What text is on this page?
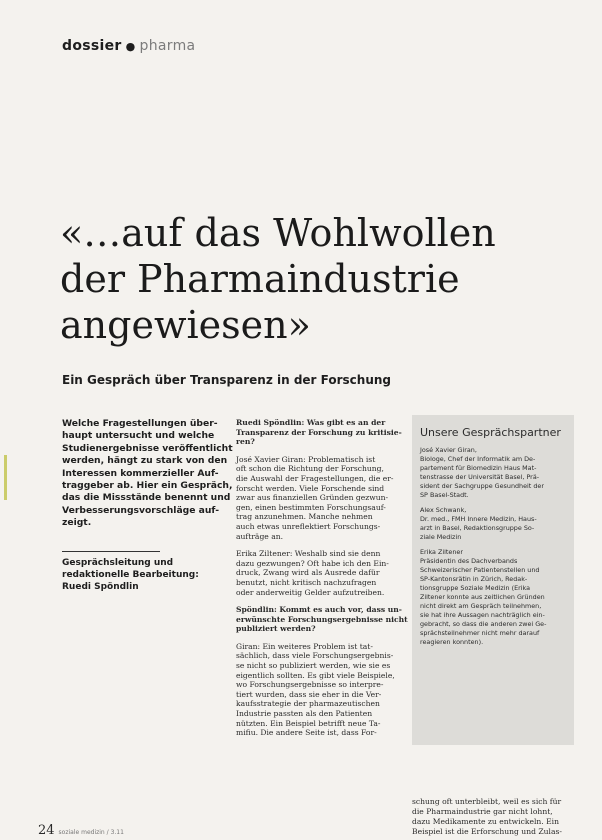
dossier ● pharma
«…auf das Wohlwollen
der Pharmaindustrie
angewiesen»
Ein Gespräch über Transparenz in der Forschung
Welche Fragestellungen über-
haupt untersucht und welche
Studienergebnisse veröffentlicht
werden, hängt zu stark von den
Interessen kommerzieller Auf-
traggeber ab. Hier ein Gespräch,
das die Missstände benennt und
Verbesserungsvorschläge auf-
zeigt.
Gesprächsleitung und
redaktionelle Bearbeitung:
Ruedi Spöndlin
Ruedi Spöndlin: Was gibt es an der
Transparenz der Forschung zu kritisie-
ren?
José Xavier Giran: Problematisch ist
oft schon die Richtung der Forschung,
die Auswahl der Fragestellungen, die er-
forscht werden. Viele Forschende sind
zwar aus finanziellen Gründen gezwun-
gen, einen bestimmten Forschungsauf-
trag anzunehmen. Manche nehmen
auch etwas unreflektiert Forschungs-
aufträge an.
Erika Ziltener: Weshalb sind sie denn
dazu gezwungen? Oft habe ich den Ein-
druck, Zwang wird als Ausrede dafür
benutzt, nicht kritisch nachzufragen
oder anderweitig Gelder aufzutreiben.
Spöndlin: Kommt es auch vor, dass un-
erwünschte Forschungsergebnisse nicht
publiziert werden?
Giran: Ein weiteres Problem ist tat-
sächlich, dass viele Forschungsergebnis-
se nicht so publiziert werden, wie sie es
eigentlich sollten. Es gibt viele Beispiele,
wo Forschungsergebnisse so interpre-
tiert wurden, dass sie eher in die Ver-
kaufsstrategie der pharmazeutischen
Industrie passten als den Patienten
nützten. Ein Beispiel betrifft neue Ta-
mifiu. Die andere Seite ist, dass For-
Unsere Gesprächspartner
José Xavier Giran,
Biologe, Chef der Informatik am De-
partement für Biomedizin Haus Mat-
tenstrasse der Universität Basel, Prä-
sident der Sachgruppe Gesundheit der
SP Basel-Stadt.
Alex Schwank,
Dr. med., FMH Innere Medizin, Haus-
arzt in Basel, Redaktionsgruppe So-
ziale Medizin
Erika Ziltener
Präsidentin des Dachverbands
Schweizerischer Patientenstellen und
SP-Kantonsrätin in Zürich, Redak-
tionsgruppe Soziale Medizin (Erika
Ziltener konnte aus zeitlichen Gründen
nicht direkt am Gespräch teilnehmen,
sie hat ihre Aussagen nachträglich ein-
gebracht, so dass die anderen zwei Ge-
sprächsteilnehmer nicht mehr darauf
reagieren konnten).
schung oft unterbleibt, weil es sich für
die Pharmaindustrie gar nicht lohnt,
dazu Medikamente zu entwickeln. Ein
Beispiel ist die Erforschung und Zulas-
24 soziale medizin / 3.11
